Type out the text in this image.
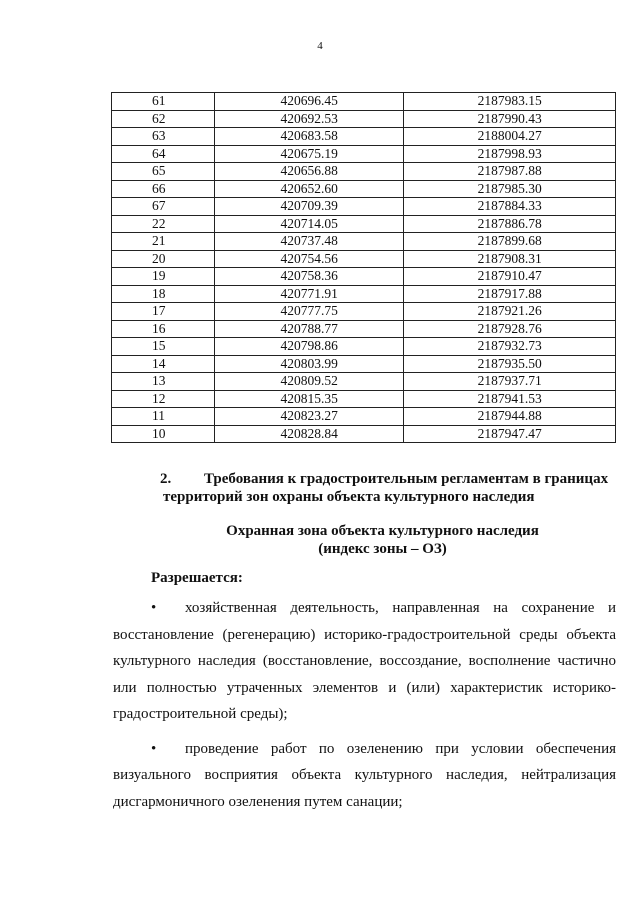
4
61	420696.45	2187983.15
62	420692.53	2187990.43
63	420683.58	2188004.27
64	420675.19	2187998.93
65	420656.88	2187987.88
66	420652.60	2187985.30
67	420709.39	2187884.33
22	420714.05	2187886.78
21	420737.48	2187899.68
20	420754.56	2187908.31
19	420758.36	2187910.47
18	420771.91	2187917.88
17	420777.75	2187921.26
16	420788.77	2187928.76
15	420798.86	2187932.73
14	420803.99	2187935.50
13	420809.52	2187937.71
12	420815.35	2187941.53
11	420823.27	2187944.88
10	420828.84	2187947.47
2. Требования к градостроительным регламентам в границах
территорий зон охраны объекта культурного наследия
Охранная зона объекта культурного наследия
(индекс зоны – ОЗ)
Разрешается:

• хозяйственная деятельность, направленная на сохранение и восстановление (регенерацию) историко-градостроительной среды объекта культурного наследия (восстановление, воссоздание, восполнение частично или полностью утраченных элементов и (или) характеристик историко-градостроительной среды);

• проведение работ по озеленению при условии обеспечения визуального восприятия объекта культурного наследия, нейтрализация дисгармоничного озеленения путем санации;
